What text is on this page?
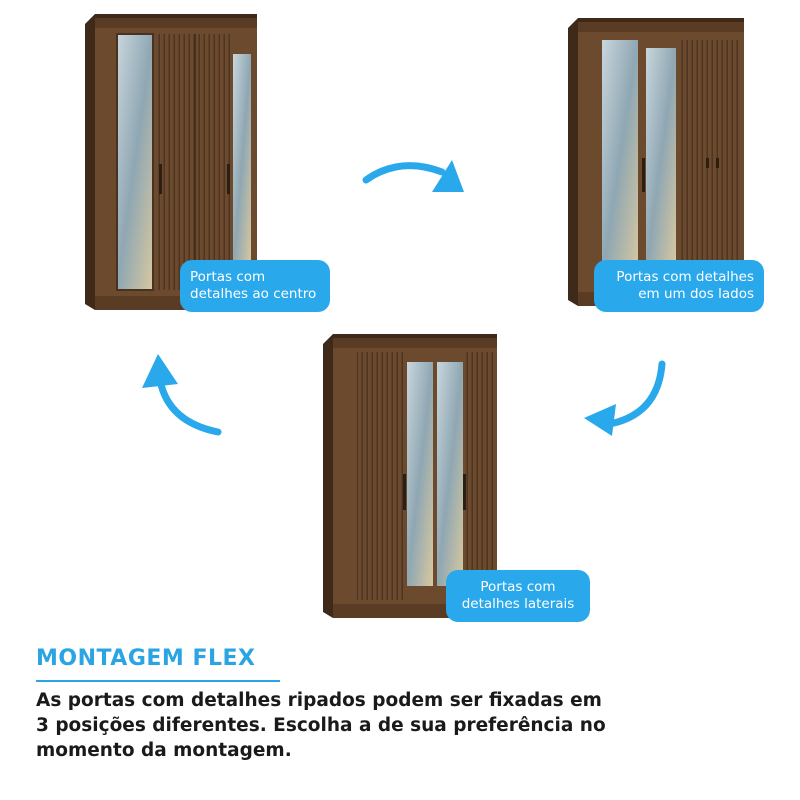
Portas com
detalhes ao centro
Portas com detalhes
em um dos lados
Portas com
detalhes laterais
MONTAGEM FLEX

As portas com detalhes ripados podem ser fixadas em
3 posições diferentes. Escolha a de sua preferência no
momento da montagem.
